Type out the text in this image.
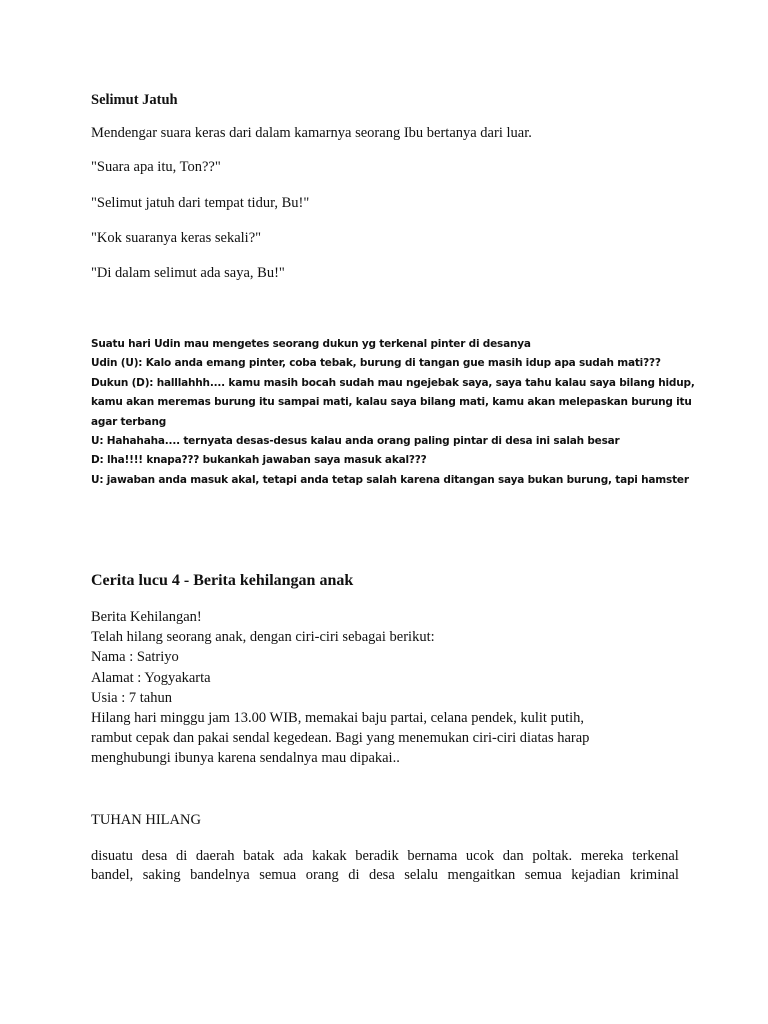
Selimut Jatuh

Mendengar suara keras dari dalam kamarnya seorang Ibu bertanya dari luar.

"Suara apa itu, Ton??"

"Selimut jatuh dari tempat tidur, Bu!"

"Kok suaranya keras sekali?"

"Di dalam selimut ada saya, Bu!"

Suatu hari Udin mau mengetes seorang dukun yg terkenal pinter di desanya
Udin (U): Kalo anda emang pinter, coba tebak, burung di tangan gue masih idup apa sudah mati???
Dukun (D): halllahhh.... kamu masih bocah sudah mau ngejebak saya, saya tahu kalau saya bilang hidup,
kamu akan meremas burung itu sampai mati, kalau saya bilang mati, kamu akan melepaskan burung itu
agar terbang
U: Hahahaha.... ternyata desas-desus kalau anda orang paling pintar di desa ini salah besar
D: lha!!!! knapa??? bukankah jawaban saya masuk akal???
U: jawaban anda masuk akal, tetapi anda tetap salah karena ditangan saya bukan burung, tapi hamster

Cerita lucu 4 - Berita kehilangan anak

Berita Kehilangan!
Telah hilang seorang anak, dengan ciri-ciri sebagai berikut:
Nama : Satriyo
Alamat : Yogyakarta
Usia : 7 tahun
Hilang hari minggu jam 13.00 WIB, memakai baju partai, celana pendek, kulit putih,
rambut cepak dan pakai sendal kegedean. Bagi yang menemukan ciri-ciri diatas harap
menghubungi ibunya karena sendalnya mau dipakai..

TUHAN HILANG

disuatu desa di daerah batak ada kakak beradik bernama ucok dan poltak. mereka terkenal
bandel, saking bandelnya semua orang di desa selalu mengaitkan semua kejadian kriminal
